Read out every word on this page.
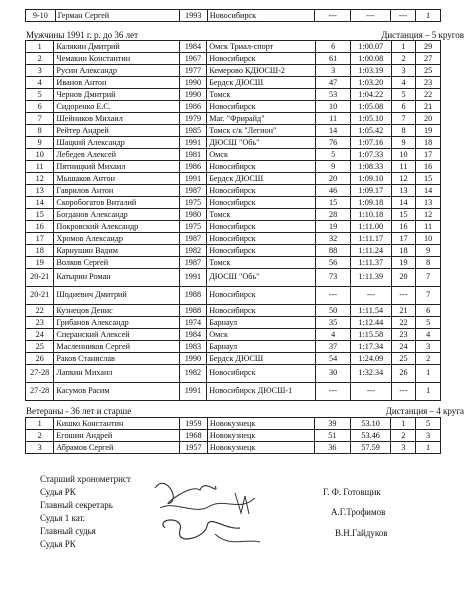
9-10	Герман Сергей	1993	Новосибирск	---	---	---	1
Мужчины 1991 г. р. до 36 лет	Дистанция – 5 кругов
1	Калякин Дмитрий	1984	Омск Триал-спорт	6	1:00.07	1	29
2	Чемакин Константин	1967	Новосибирск	61	1:00.08	2	27
3	Русин Александр	1977	Кемерово КДЮСШ-2	3	1:03.19	3	25
4	Иванов Антон	1990	Бердск ДЮСШ	47	1:03.20	4	23
5	Чернов Дмитрий	1990	Томск	53	1:04.22	5	22
6	Сидоренко Е.С.	1986	Новосибирск	10	1:05.08	6	21
7	Шейников Михаил	1979	Маг. "Фрирайд"	11	1:05.10	7	20
8	Рейтер Андрей	1985	Томск с/к "Легион"	14	1:05.42	8	19
9	Шацкий Александр	1991	ДЮСШ "Обь"	76	1:07.16	9	18
10	Лебедев Алексей	1981	Омск	5	1:07.33	10	17
11	Пятницкий Михаил	1986	Новосибирск	9	1:08.33	11	16
12	Мышаков Антон	1991	Бердск ДЮСШ	20	1:09.10	12	15
13	Гаврилов Антон	1987	Новосибирск	46	1:09.17	13	14
14	Скоробогатов Виталий	1975	Новосибирск	15	1:09.18	14	13
15	Богданов Александр	1980	Томск	28	1:10.18	15	12
16	Покровский Александр	1975	Новосибирск	19	1:11.00	16	11
17	Хромов Александр	1987	Новосибирск	32	1:11.17	17	10
18	Карнушин Вадим	1982	Новосибирск	88	1:11.24	18	9
19	Волков Сергей	1987	Томск	56	1:11.37	19	8
20-21	Катырин Роман	1991	ДЮСШ "Обь"	73	1:11.39	20	7
20-21	Шодиевич Дмитрий	1988	Новосибирск	---	---	---	7
22	Кузнецов Денис	1988	Новосибирск	50	1:11.54	21	6
23	Грибанов Александр	1974	Барнаул	35	1:12.44	22	5
24	Сперанский Алексей	1984	Омск	4	1:15.58	23	4
25	Масленников Сергей	1983	Барнаул	37	1:17.34	24	3
26	Раков Станислав	1990	Бердск ДЮСШ	54	1:24.09	25	2
27-28	Лапкин Михаил	1982	Новосибирск	30	1:32.34	26	1
27-28	Касумов Расим	1991	Новосибирск ДЮСШ-1	---	---	---	1
Ветераны - 36 лет и старше	Дистанция – 4 круга
1	Кишко Константин	1959	Новокузнецк	39	53.10	1	5
2	Егошин Андрей	1968	Новокузнецк	51	53.46	2	3
3	Абрамов Сергей	1957	Новокузнецк	36	57.59	3	1
Старший хронометрист
Судья РК	Г. Ф. Готовщик
Главный секретарь
Судья 1 кат.
А.Г.Трофимов
Главный судья
Судья РК
В.Н.Гайдуков
